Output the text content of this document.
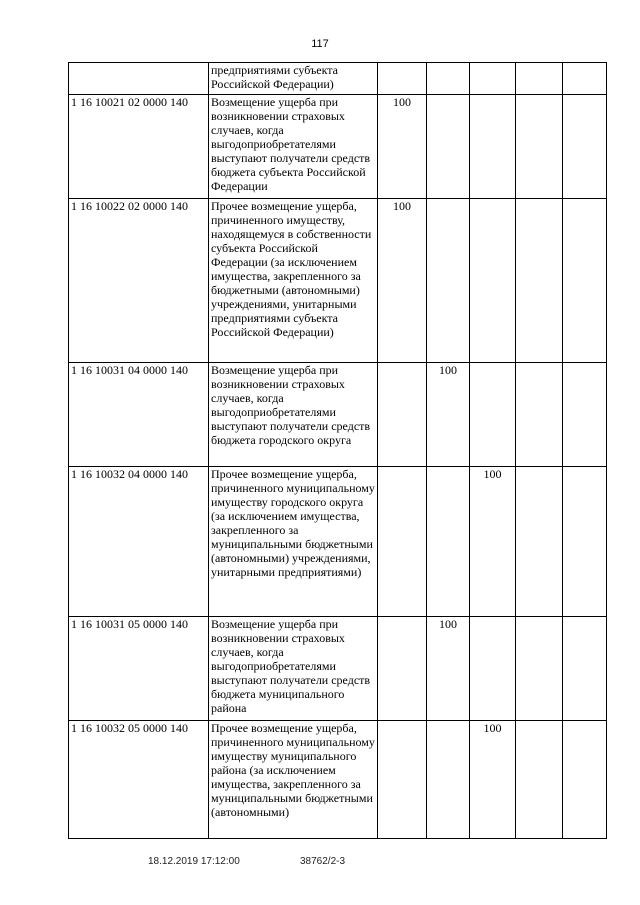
117
	предприятиями субъекта Российской Федерации)					
1 16 10021 02 0000 140	Возмещение ущерба при возникновении страховых случаев, когда выгодоприобретателями выступают получатели средств бюджета субъекта Российской Федерации	100				
1 16 10022 02 0000 140	Прочее возмещение ущерба, причиненного имуществу, находящемуся в собственности субъекта Российской Федерации (за исключением имущества, закрепленного за бюджетными (автономными) учреждениями, унитарными предприятиями субъекта Российской Федерации)	100				
1 16 10031 04 0000 140	Возмещение ущерба при возникновении страховых случаев, когда выгодоприобретателями выступают получатели средств бюджета городского округа		100			
1 16 10032 04 0000 140	Прочее возмещение ущерба, причиненного муниципальному имуществу городского округа (за исключением имущества, закрепленного за муниципальными бюджетными (автономными) учреждениями, унитарными предприятиями)			100		
1 16 10031 05 0000 140	Возмещение ущерба при возникновении страховых случаев, когда выгодоприобретателями выступают получатели средств бюджета муниципального района		100			
1 16 10032 05 0000 140	Прочее возмещение ущерба, причиненного муниципальному имуществу муниципального района (за исключением имущества, закрепленного за муниципальными бюджетными (автономными)			100		
18.12.2019 17:12:00	38762/2-3
